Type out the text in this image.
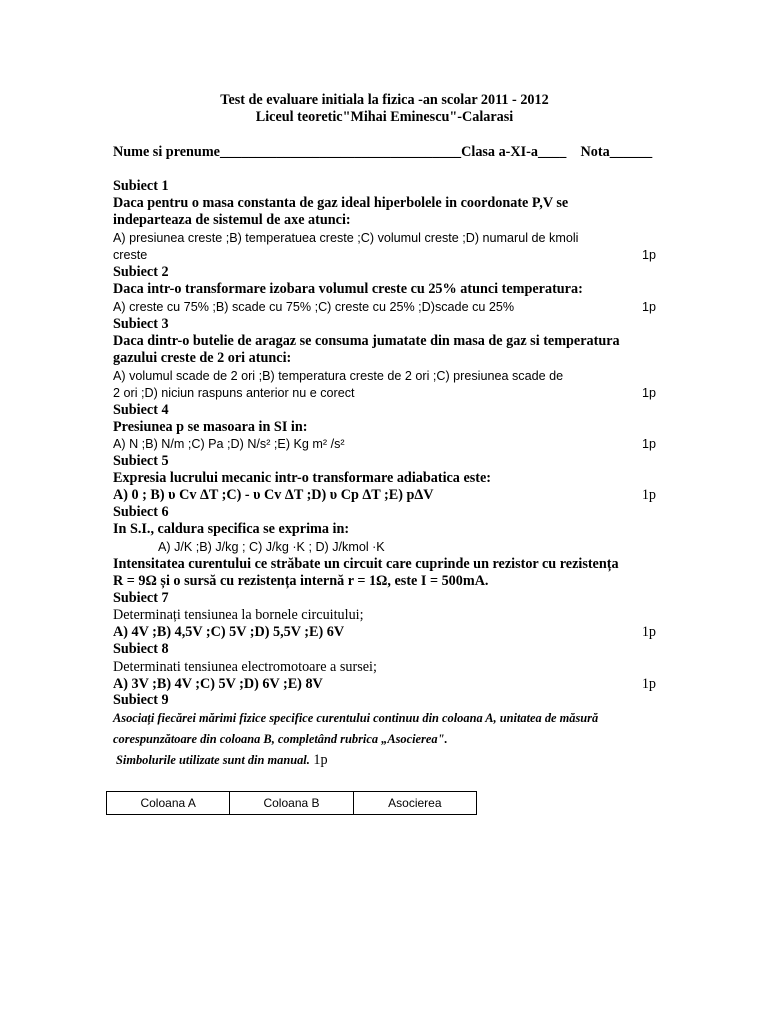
Test de evaluare initiala la fizica -an scolar 2011 - 2012
Liceul teoretic"Mihai Eminescu"-Calarasi
Nume si prenume__________________________________Clasa a-XI-a____ Nota______
Subiect 1
Daca pentru o masa constanta de gaz ideal hiperbolele in coordonate P,V se
indeparteaza de sistemul de axe atunci:
A) presiunea creste ;B) temperatuea creste ;C) volumul creste ;D) numarul de kmoli
creste	1p
Subiect 2
Daca intr-o transformare izobara volumul creste cu 25% atunci temperatura:
A) creste cu 75% ;B) scade cu 75% ;C) creste cu 25% ;D)scade cu 25%	1p
Subiect 3
Daca dintr-o butelie de aragaz se consuma jumatate din masa de gaz si temperatura
gazului creste de 2 ori atunci:
A) volumul scade de 2 ori ;B) temperatura creste de 2 ori ;C) presiunea scade de
2 ori ;D) niciun raspuns anterior nu e corect	1p
Subiect 4
Presiunea p se masoara in SI in:
A) N ;B) N/m ;C) Pa ;D) N/s² ;E) Kg m² /s²	1p
Subiect 5
Expresia lucrului mecanic intr-o transformare adiabatica este:
A) 0 ; B) υ Cv ΔT ;C) - υ Cv ΔT ;D) υ Cp ΔT ;E) pΔV	1p
Subiect 6
In S.I., caldura specifica se exprima in:
A) J/K ;B) J/kg ; C) J/kg ·K ; D) J/kmol ·K
Intensitatea curentului ce străbate un circuit care cuprinde un rezistor cu rezistența
R = 9Ω și o sursă cu rezistența internă r = 1Ω, este I = 500mA.
Subiect 7
Determinați tensiunea la bornele circuitului;
A) 4V ;B) 4,5V ;C) 5V ;D) 5,5V ;E) 6V	1p
Subiect 8
Determinati tensiunea electromotoare a sursei;
A) 3V ;B) 4V ;C) 5V ;D) 6V ;E) 8V	1p
Subiect 9
Asociați fiecărei mărimi fizice specifice curentului continuu din coloana A, unitatea de măsură
corespunzătoare din coloana B, completând rubrica „Asocierea".
Simbolurile utilizate sunt din manual. 1p
Coloana A	Coloana B	Asocierea
